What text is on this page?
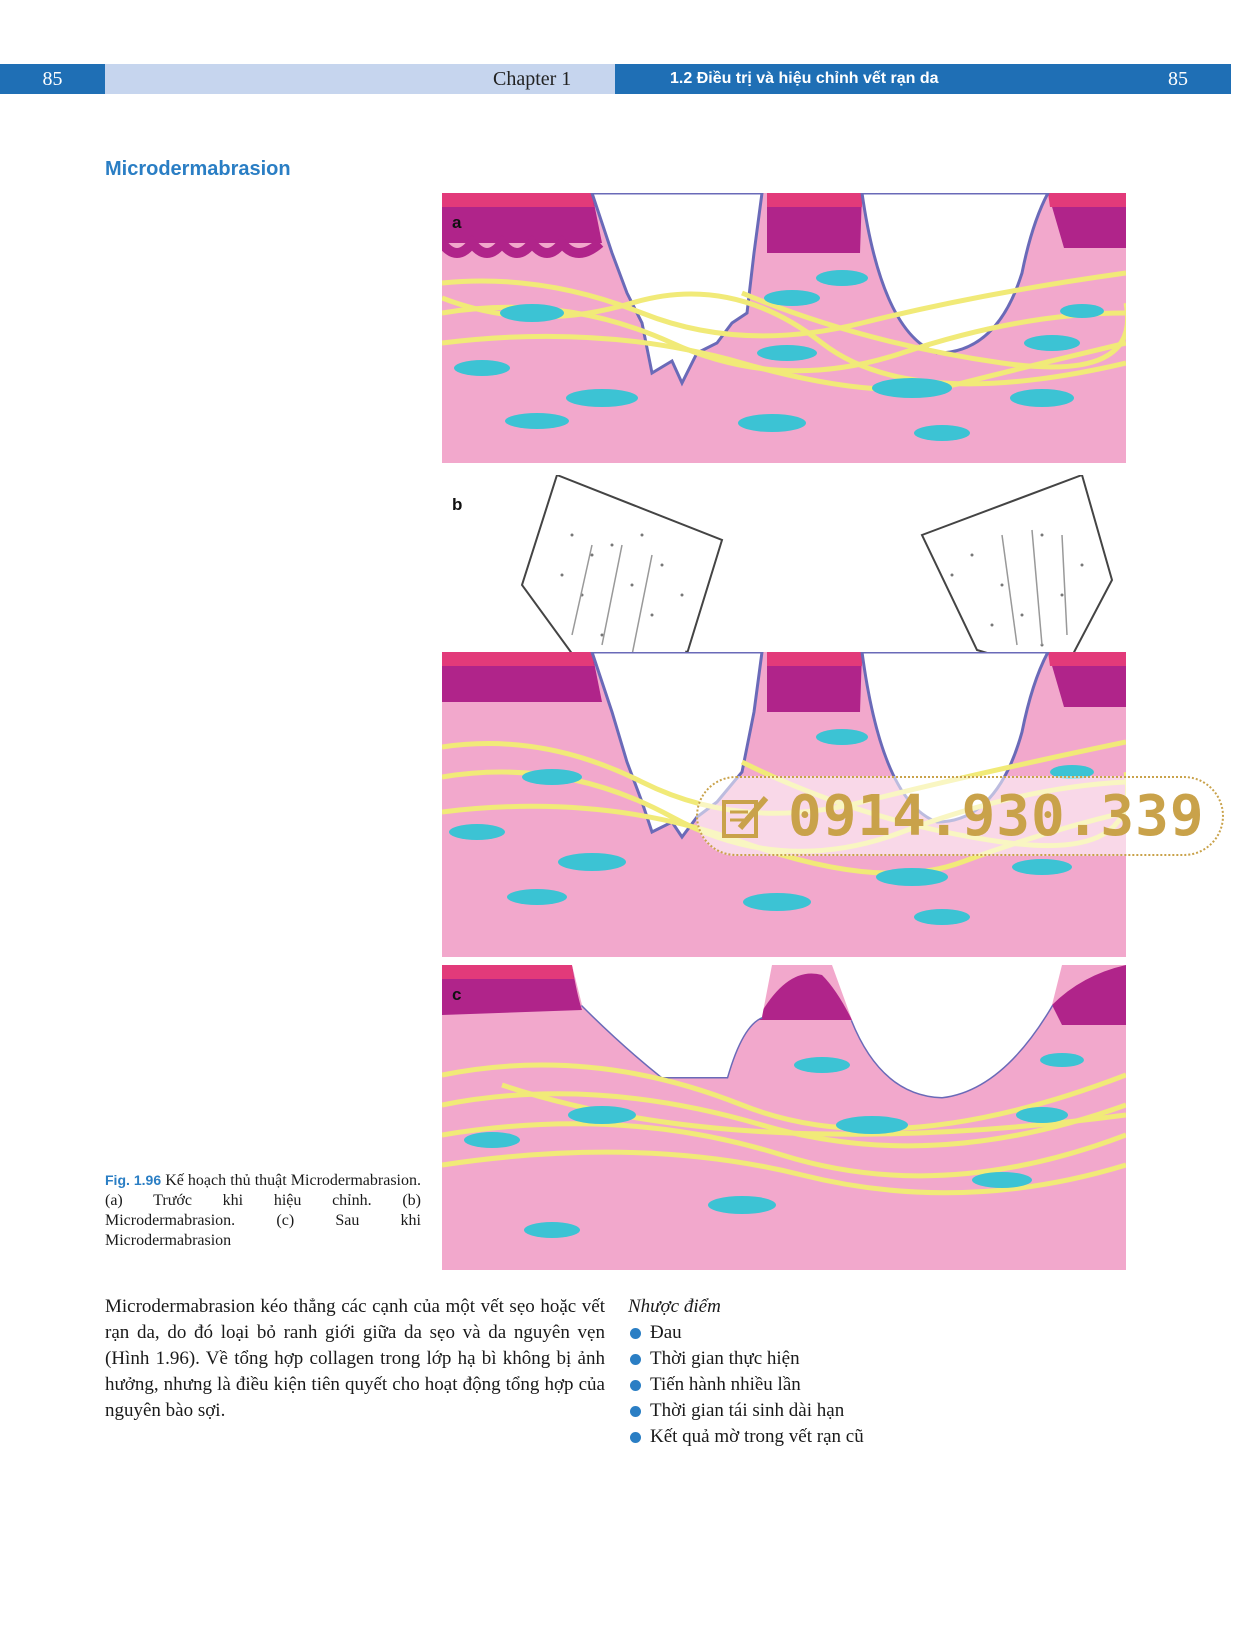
85	Chapter 1	1.2 Điều trị và hiệu chỉnh vết rạn da	85
Microdermabrasion
a
b
0914.930.339
c
Fig. 1.96 Kế hoạch thủ thuật Microdermabrasion. (a) Trước khi hiệu chỉnh. (b) Microdermabrasion. (c) Sau khi Microdermabrasion
Microdermabrasion kéo thẳng các cạnh của một vết sẹo hoặc vết rạn da, do đó loại bỏ ranh giới giữa da sẹo và da nguyên vẹn (Hình 1.96). Về tổng hợp collagen trong lớp hạ bì không bị ảnh hưởng, nhưng là điều kiện tiên quyết cho hoạt động tổng hợp của nguyên bào sợi.
Nhược điểm
Đau
Thời gian thực hiện
Tiến hành nhiều lần
Thời gian tái sinh dài hạn
Kết quả mờ trong vết rạn cũ
